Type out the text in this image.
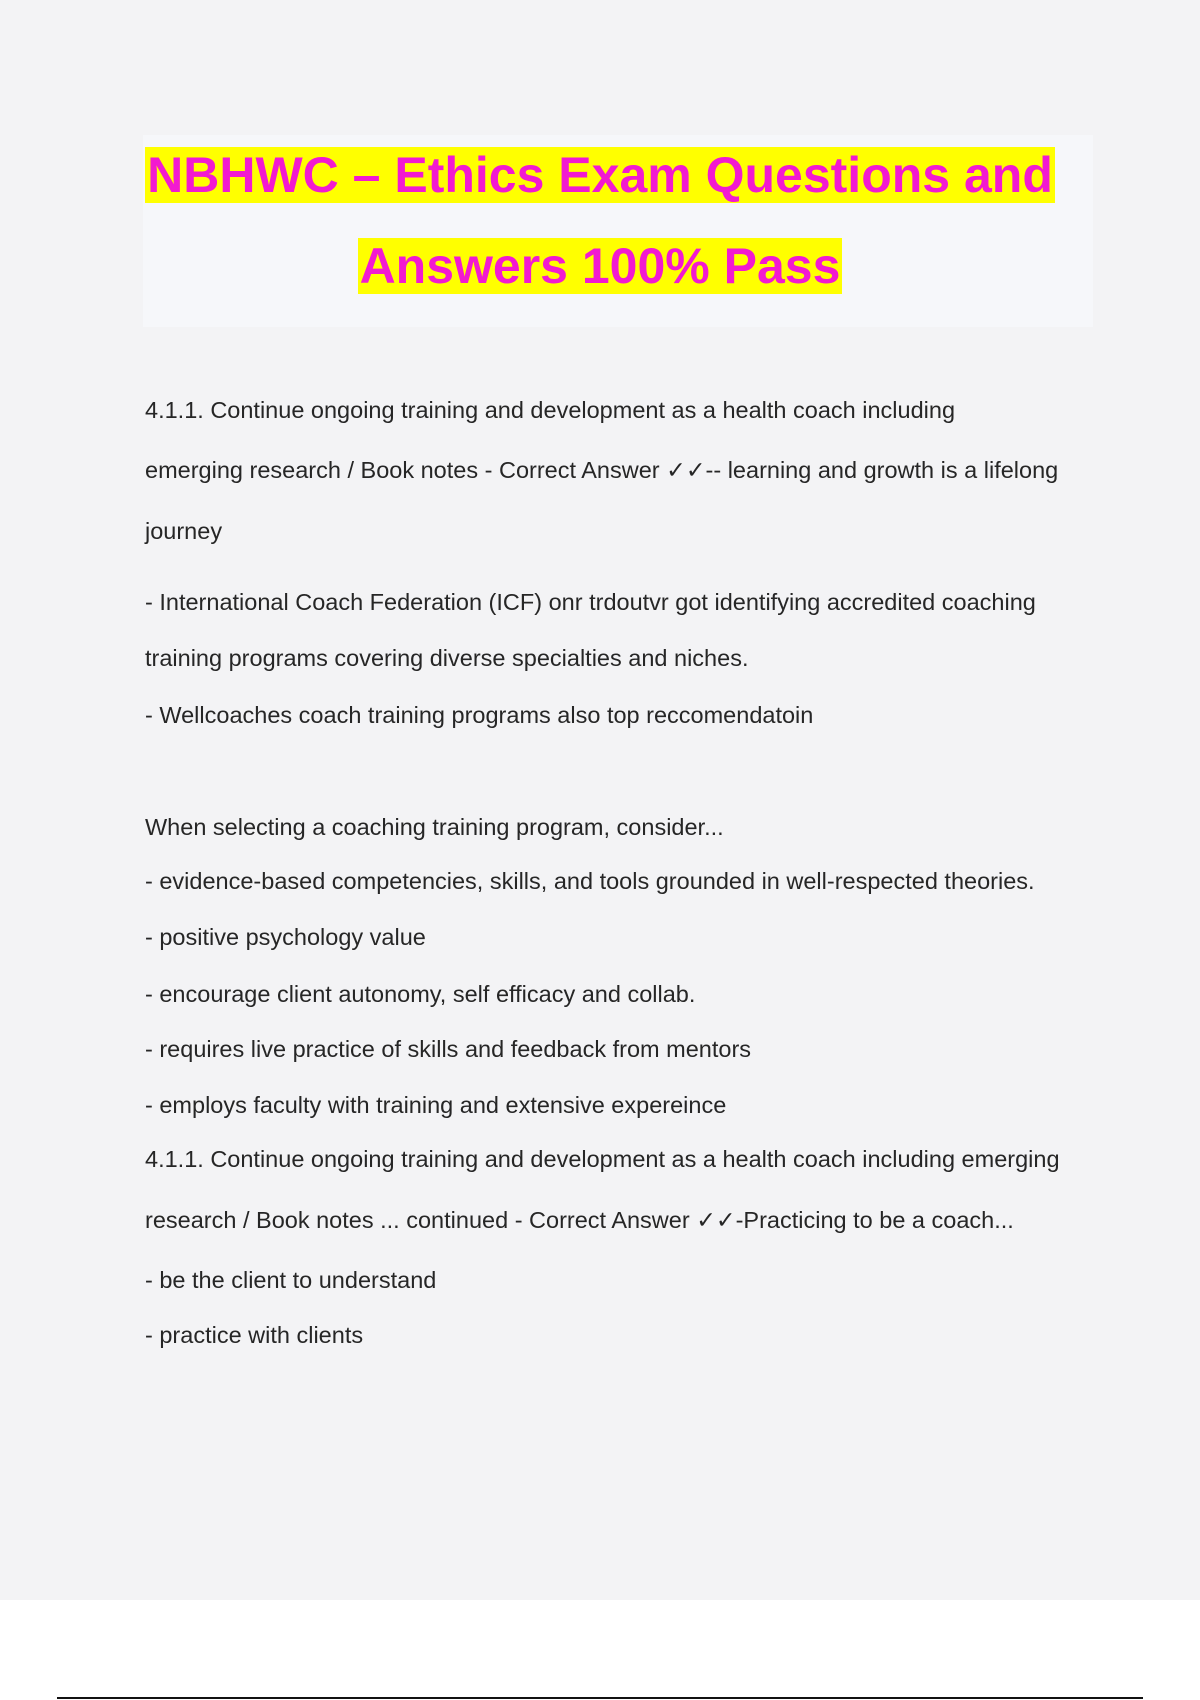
NBHWC – Ethics Exam Questions and
Answers 100% Pass
4.1.1. Continue ongoing training and development as a health coach including
emerging research / Book notes - Correct Answer ✓✓-- learning and growth is a lifelong
journey
- International Coach Federation (ICF) onr trdoutvr got identifying accredited coaching
training programs covering diverse specialties and niches.
- Wellcoaches coach training programs also top reccomendatoin
When selecting a coaching training program, consider...
- evidence-based competencies, skills, and tools grounded in well-respected theories.
- positive psychology value
- encourage client autonomy, self efficacy and collab.
- requires live practice of skills and feedback from mentors
- employs faculty with training and extensive expereince
4.1.1. Continue ongoing training and development as a health coach including emerging
research / Book notes ... continued - Correct Answer ✓✓-Practicing to be a coach...
- be the client to understand
- practice with clients
